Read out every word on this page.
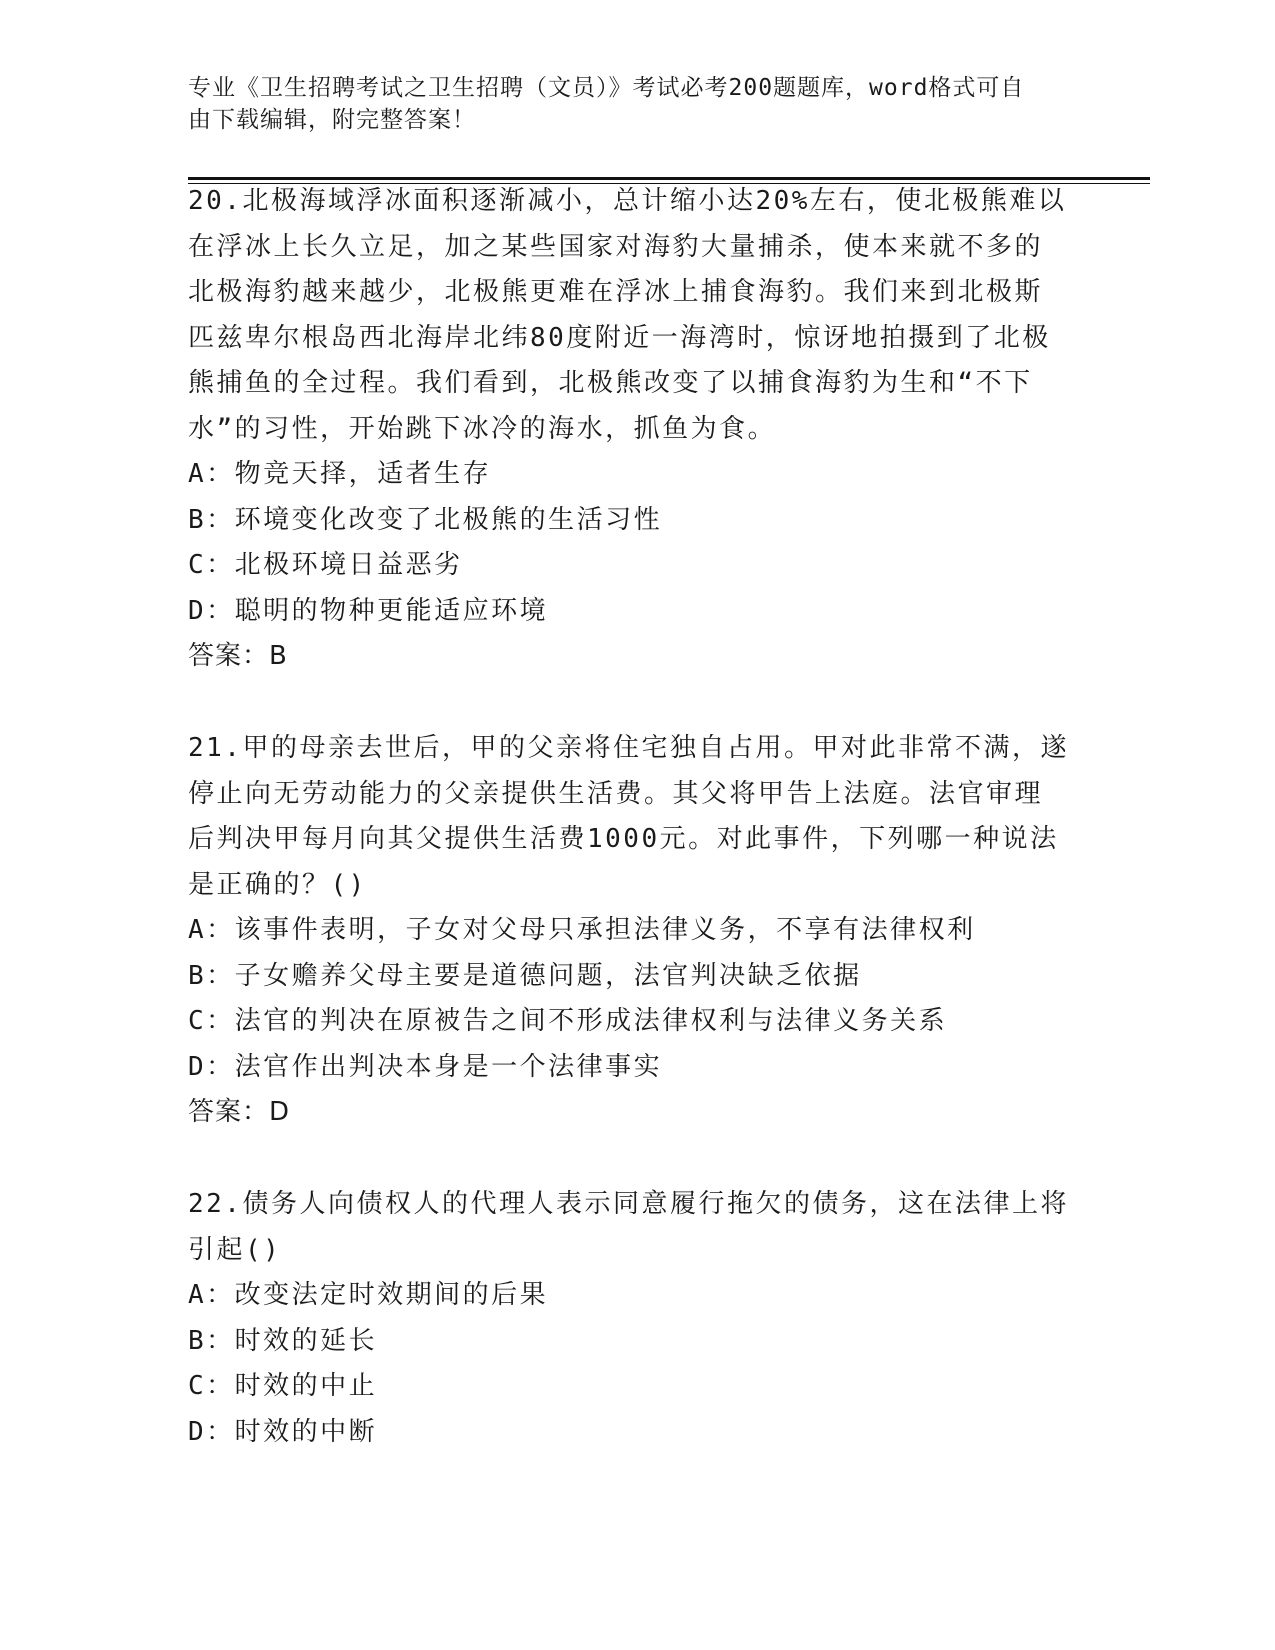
专业《卫生招聘考试之卫生招聘（文员）》考试必考200题题库，word格式可自
由下载编辑，附完整答案！
20.北极海域浮冰面积逐渐减小，总计缩小达20%左右，使北极熊难以
在浮冰上长久立足，加之某些国家对海豹大量捕杀，使本来就不多的
北极海豹越来越少，北极熊更难在浮冰上捕食海豹。我们来到北极斯
匹兹卑尔根岛西北海岸北纬80度附近一海湾时，惊讶地拍摄到了北极
熊捕鱼的全过程。我们看到，北极熊改变了以捕食海豹为生和“不下
水”的习性，开始跳下冰冷的海水，抓鱼为食。
A：物竞天择，适者生存
B：环境变化改变了北极熊的生活习性
C：北极环境日益恶劣
D：聪明的物种更能适应环境
答案：B
21.甲的母亲去世后，甲的父亲将住宅独自占用。甲对此非常不满，遂
停止向无劳动能力的父亲提供生活费。其父将甲告上法庭。法官审理
后判决甲每月向其父提供生活费1000元。对此事件，下列哪一种说法
是正确的？()
A：该事件表明，子女对父母只承担法律义务，不享有法律权利
B：子女赡养父母主要是道德问题，法官判决缺乏依据
C：法官的判决在原被告之间不形成法律权利与法律义务关系
D：法官作出判决本身是一个法律事实
答案：D
22.债务人向债权人的代理人表示同意履行拖欠的债务，这在法律上将
引起()
A：改变法定时效期间的后果
B：时效的延长
C：时效的中止
D：时效的中断
